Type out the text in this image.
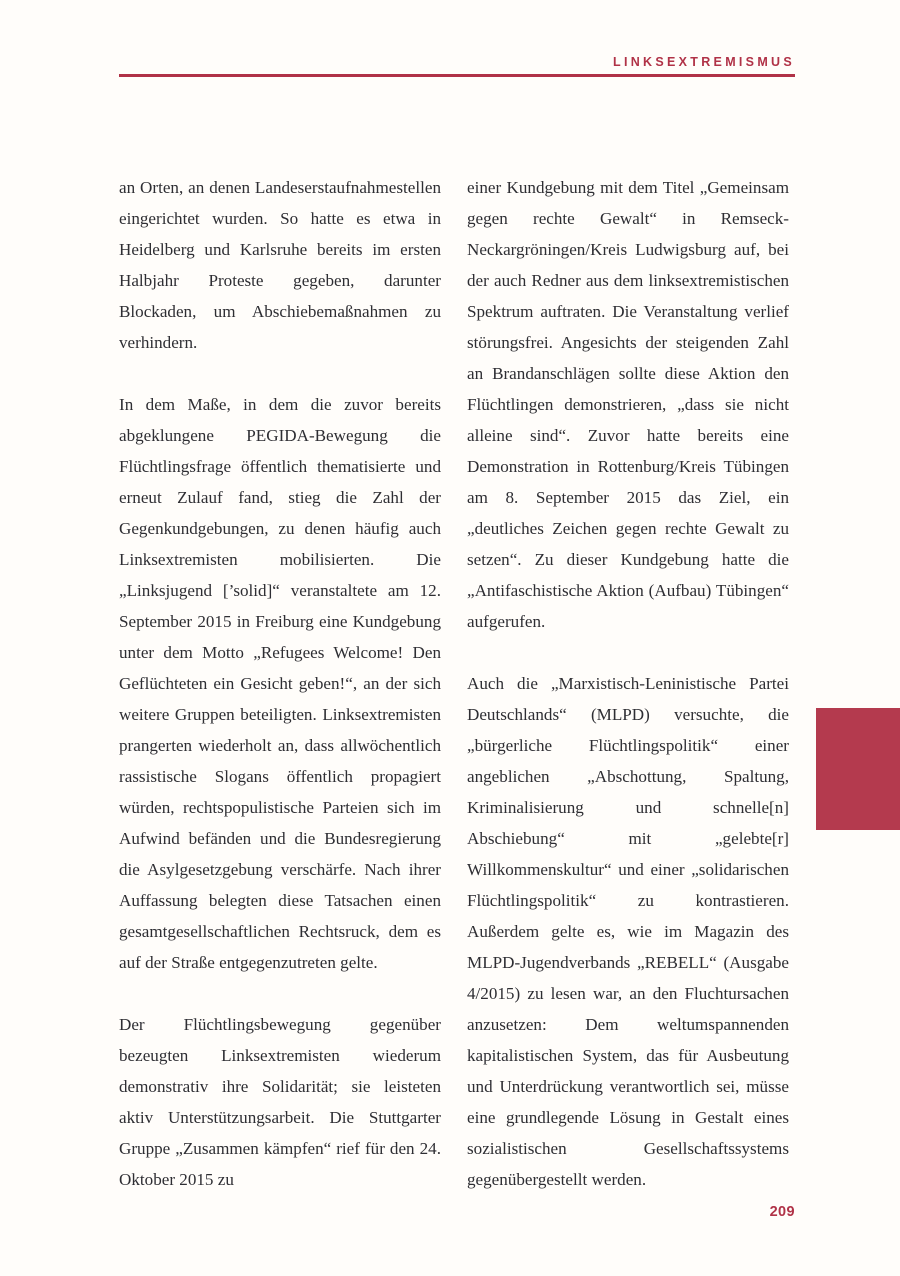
LINKSEXTREMISMUS

an Orten, an denen Landeserstaufnahmestellen eingerichtet wurden. So hatte es etwa in Heidelberg und Karlsruhe bereits im ersten Halbjahr Proteste gegeben, darunter Blockaden, um Abschiebemaßnahmen zu verhindern.

In dem Maße, in dem die zuvor bereits abgeklungene PEGIDA-Bewegung die Flüchtlingsfrage öffentlich thematisierte und erneut Zulauf fand, stieg die Zahl der Gegenkundgebungen, zu denen häufig auch Linksextremisten mobilisierten. Die „Linksjugend [’solid]“ veranstaltete am 12. September 2015 in Freiburg eine Kundgebung unter dem Motto „Refugees Welcome! Den Geflüchteten ein Gesicht geben!“, an der sich weitere Gruppen beteiligten. Linksextremisten prangerten wiederholt an, dass allwöchentlich rassistische Slogans öffentlich propagiert würden, rechtspopulistische Parteien sich im Aufwind befänden und die Bundesregierung die Asylgesetzgebung verschärfe. Nach ihrer Auffassung belegten diese Tatsachen einen gesamtgesellschaftlichen Rechtsruck, dem es auf der Straße entgegenzutreten gelte.

Der Flüchtlingsbewegung gegenüber bezeugten Linksextremisten wiederum demonstrativ ihre Solidarität; sie leisteten aktiv Unterstützungsarbeit. Die Stuttgarter Gruppe „Zusammen kämpfen“ rief für den 24. Oktober 2015 zu

einer Kundgebung mit dem Titel „Gemeinsam gegen rechte Gewalt“ in Remseck-Neckargröningen/Kreis Ludwigsburg auf, bei der auch Redner aus dem linksextremistischen Spektrum auftraten. Die Veranstaltung verlief störungsfrei. Angesichts der steigenden Zahl an Brandanschlägen sollte diese Aktion den Flüchtlingen demonstrieren, „dass sie nicht alleine sind“. Zuvor hatte bereits eine Demonstration in Rottenburg/Kreis Tübingen am 8. September 2015 das Ziel, ein „deutliches Zeichen gegen rechte Gewalt zu setzen“. Zu dieser Kundgebung hatte die „Antifaschistische Aktion (Aufbau) Tübingen“ aufgerufen.

Auch die „Marxistisch-Leninistische Partei Deutschlands“ (MLPD) versuchte, die „bürgerliche Flüchtlingspolitik“ einer angeblichen „Abschottung, Spaltung, Kriminalisierung und schnelle[n] Abschiebung“ mit „gelebte[r] Willkommenskultur“ und einer „solidarischen Flüchtlingspolitik“ zu kontrastieren. Außerdem gelte es, wie im Magazin des MLPD-Jugendverbands „REBELL“ (Ausgabe 4/2015) zu lesen war, an den Fluchtursachen anzusetzen: Dem weltumspannenden kapitalistischen System, das für Ausbeutung und Unterdrückung verantwortlich sei, müsse eine grundlegende Lösung in Gestalt eines sozialistischen Gesellschaftssystems gegenübergestellt werden.

209
